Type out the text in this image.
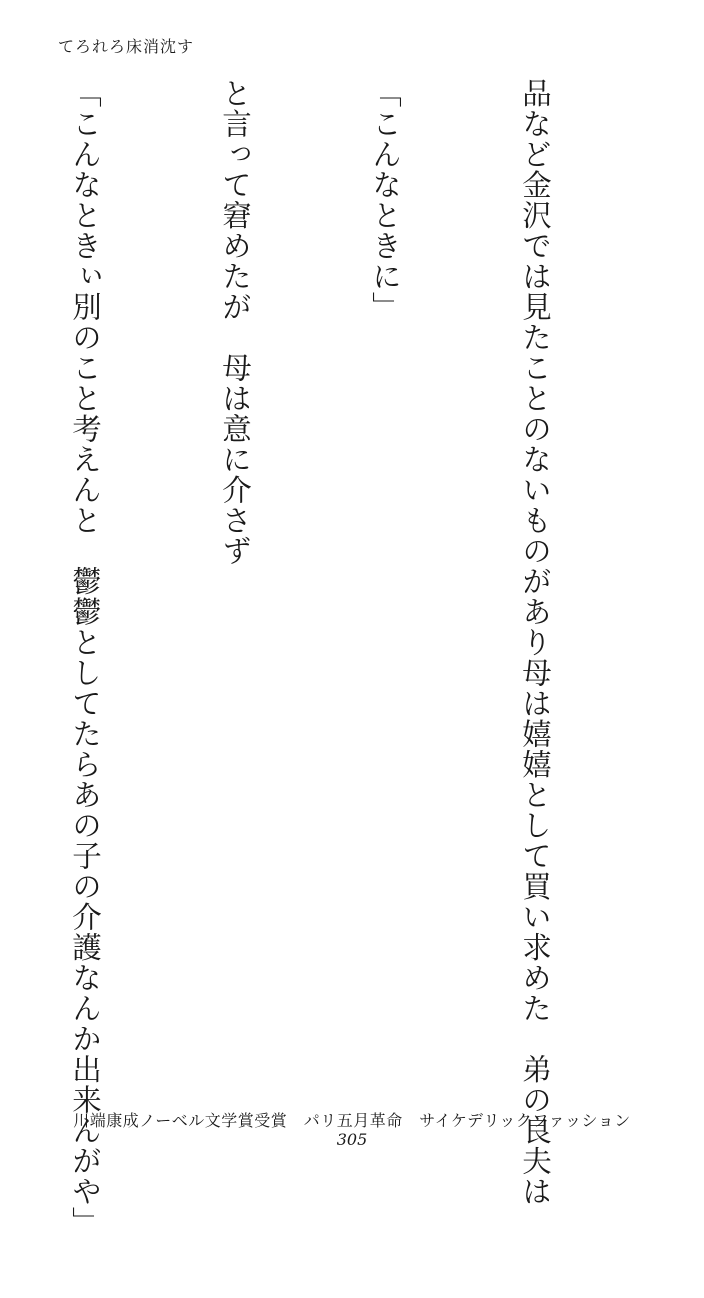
てろれろ床消沈す

品など金沢では見たことのないものがあり母は嬉嬉として買い求めた　弟の良夫は

「こんなときに」

と言って窘めたが　母は意に介さず

「こんなときぃ別のこと考えんと　鬱鬱としてたらあの子の介護なんか出来んがや」

川端康成ノーベル文学賞受賞　パリ五月革命　サイケデリックファッション
305
